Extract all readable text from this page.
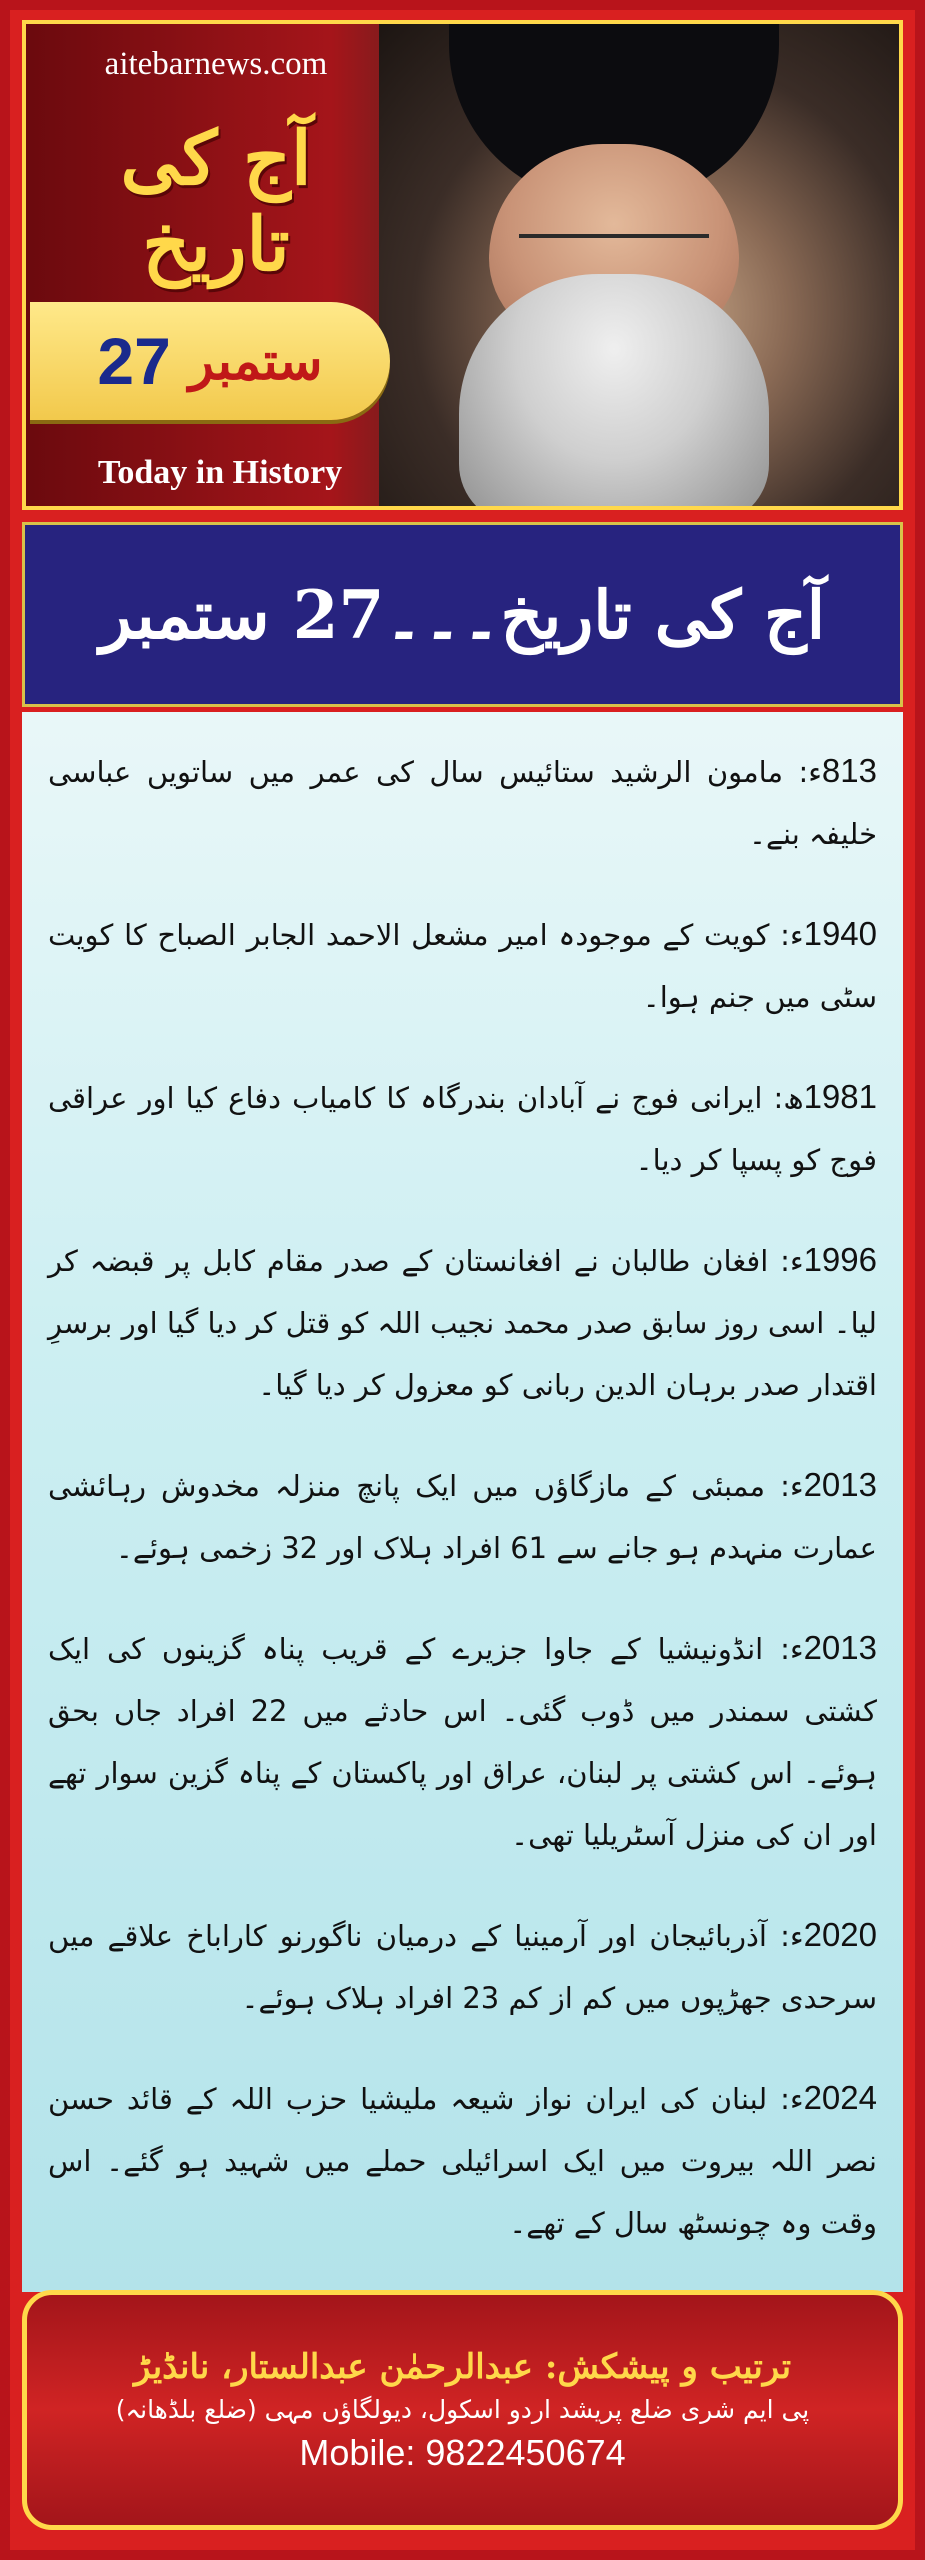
aitebarnews.com
آج کی تاریخ
27 ستمبر
Today in History
آج کی تاریخ۔۔۔27 ستمبر

813ء: مامون الرشید ستائیس سال کی عمر میں ساتویں عباسی خلیفہ بنے۔

1940ء: کویت کے موجودہ امیر مشعل الاحمد الجابر الصباح کا کویت سٹی میں جنم ہوا۔

1981ھ: ایرانی فوج نے آبادان بندرگاہ کا کامیاب دفاع کیا اور عراقی فوج کو پسپا کر دیا۔

1996ء: افغان طالبان نے افغانستان کے صدر مقام کابل پر قبضہ کر لیا۔ اسی روز سابق صدر محمد نجیب اللہ کو قتل کر دیا گیا اور برسرِ اقتدار صدر برہان الدین ربانی کو معزول کر دیا گیا۔

2013ء: ممبئی کے مازگاؤں میں ایک پانچ منزلہ مخدوش رہائشی عمارت منہدم ہو جانے سے 61 افراد ہلاک اور 32 زخمی ہوئے۔

2013ء: انڈونیشیا کے جاوا جزیرے کے قریب پناہ گزینوں کی ایک کشتی سمندر میں ڈوب گئی۔ اس حادثے میں 22 افراد جاں بحق ہوئے۔ اس کشتی پر لبنان، عراق اور پاکستان کے پناہ گزین سوار تھے اور ان کی منزل آسٹریلیا تھی۔

2020ء: آذربائیجان اور آرمینیا کے درمیان ناگورنو کاراباخ علاقے میں سرحدی جھڑپوں میں کم از کم 23 افراد ہلاک ہوئے۔

2024ء: لبنان کی ایران نواز شیعہ ملیشیا حزب اللہ کے قائد حسن نصر اللہ بیروت میں ایک اسرائیلی حملے میں شہید ہو گئے۔ اس وقت وہ چونسٹھ سال کے تھے۔

ترتیب و پیشکش: عبدالرحمٰن عبدالستار، نانڈیڑ
پی ایم شری ضلع پریشد اردو اسکول، دیولگاؤں مہی (ضلع بلڈھانہ)
Mobile: 9822450674
